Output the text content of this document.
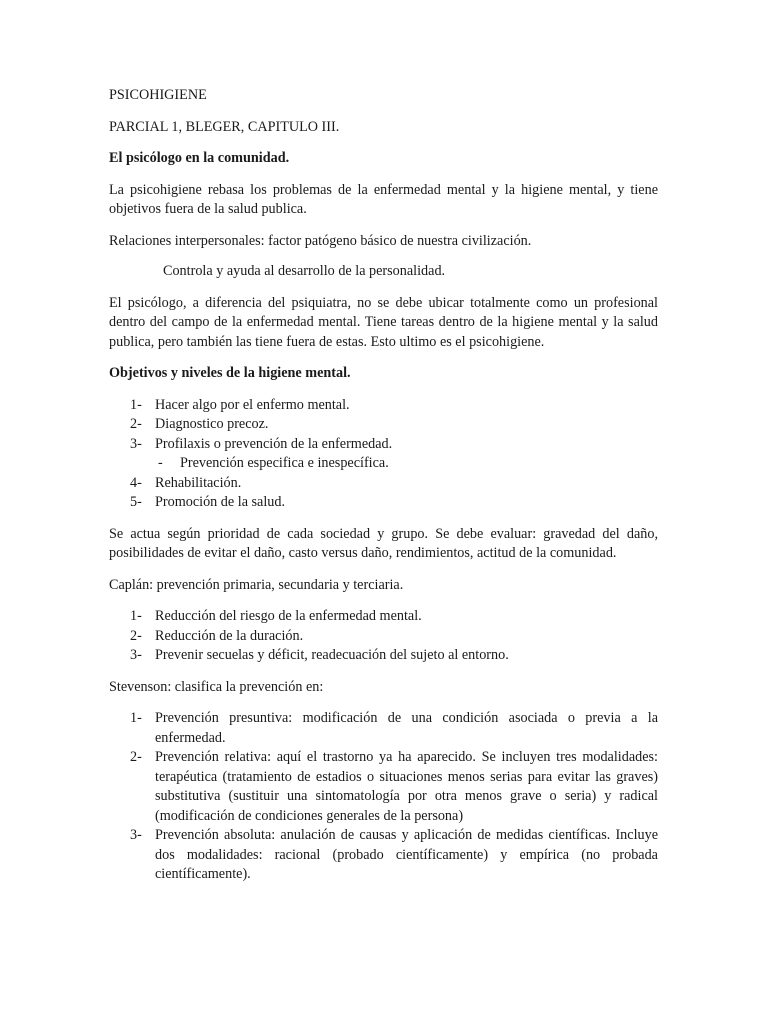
PSICOHIGIENE

PARCIAL 1, BLEGER, CAPITULO III.

El psicólogo en la comunidad.

La psicohigiene rebasa los problemas de la enfermedad mental y la higiene mental, y tiene objetivos fuera de la salud publica.

Relaciones interpersonales: factor patógeno básico de nuestra civilización.

Controla y ayuda al desarrollo de la personalidad.

El psicólogo, a diferencia del psiquiatra, no se debe ubicar totalmente como un profesional dentro del campo de la enfermedad mental. Tiene tareas dentro de la higiene mental y la salud publica, pero también las tiene fuera de estas. Esto ultimo es el psicohigiene.

Objetivos y niveles de la higiene mental.

1- Hacer algo por el enfermo mental.
2- Diagnostico precoz.
3- Profilaxis o prevención de la enfermedad.
- Prevención especifica e inespecífica.
4- Rehabilitación.
5- Promoción de la salud.

Se actua según prioridad de cada sociedad y grupo. Se debe evaluar: gravedad del daño, posibilidades de evitar el daño, casto versus daño, rendimientos, actitud de la comunidad.

Caplán: prevención primaria, secundaria y terciaria.

1- Reducción del riesgo de la enfermedad mental.
2- Reducción de la duración.
3- Prevenir secuelas y déficit, readecuación del sujeto al entorno.

Stevenson: clasifica la prevención en:

1- Prevención presuntiva: modificación de una condición asociada o previa a la enfermedad.
2- Prevención relativa: aquí el trastorno ya ha aparecido. Se incluyen tres modalidades: terapéutica (tratamiento de estadios o situaciones menos serias para evitar las graves) substitutiva (sustituir una sintomatología por otra menos grave o seria) y radical (modificación de condiciones generales de la persona)
3- Prevención absoluta: anulación de causas y aplicación de medidas científicas. Incluye dos modalidades: racional (probado científicamente) y empírica (no probada científicamente).
